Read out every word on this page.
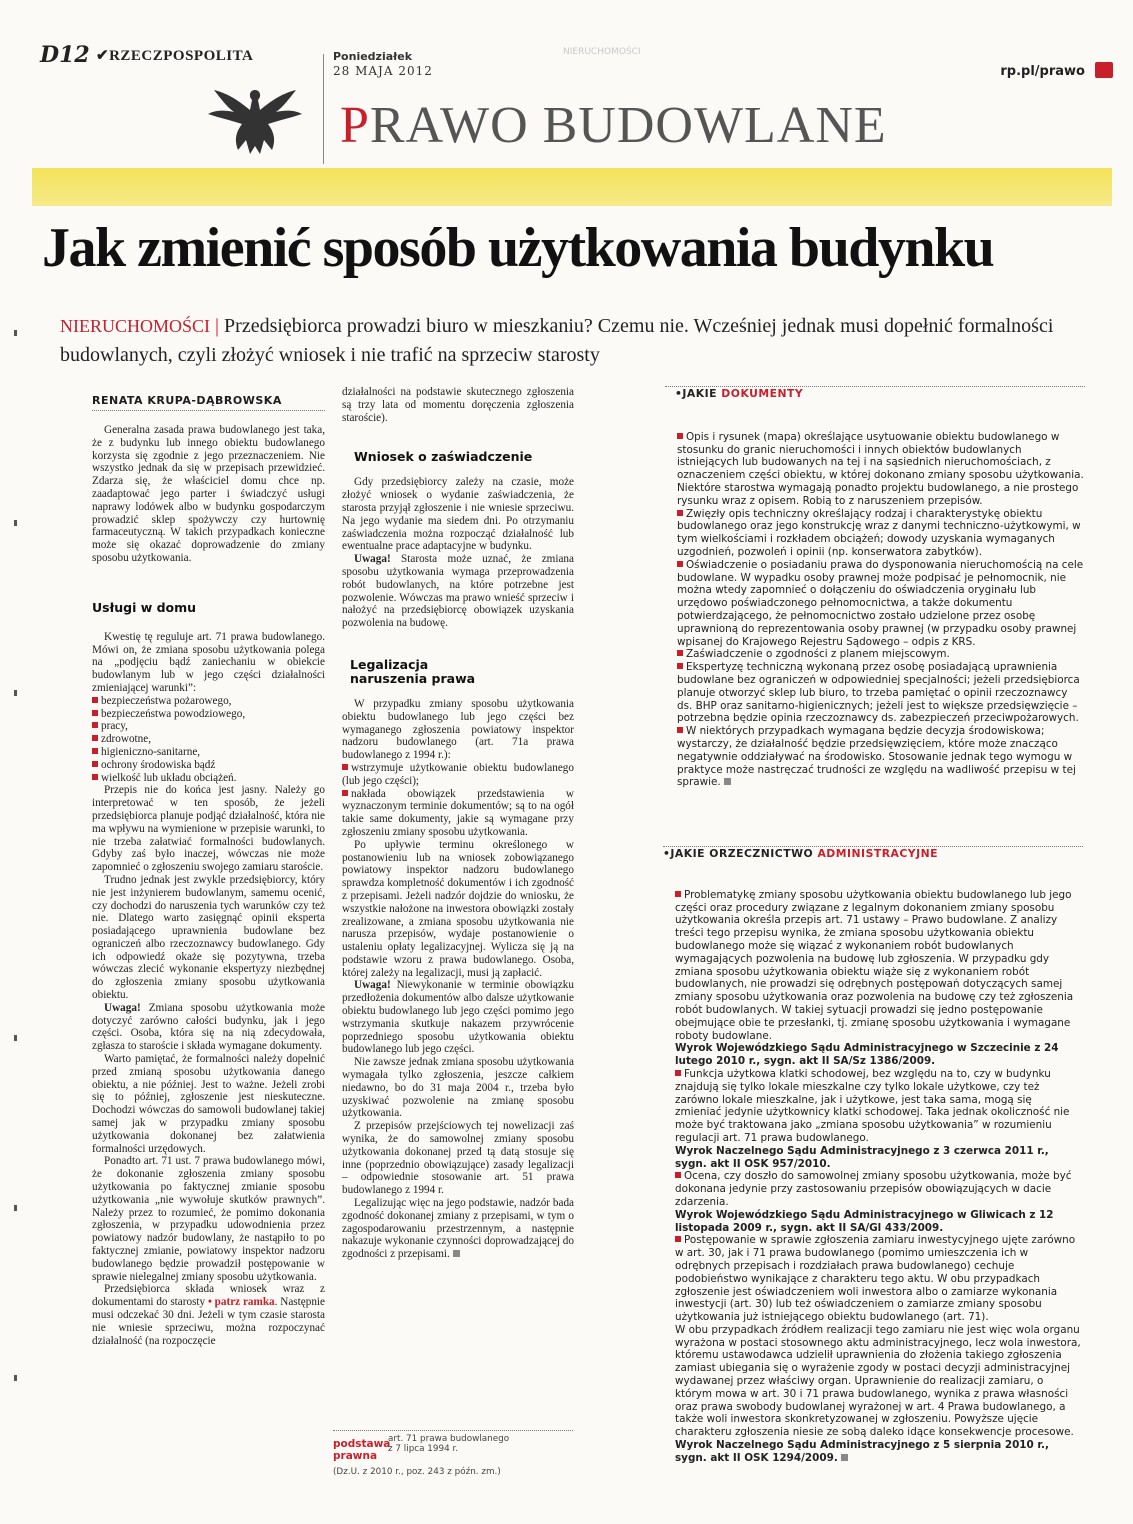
D12 ✔RZECZPOSPOLITA	Poniedziałek
28 MAJA 2012
NIERUCHOMOŚCI
rp.pl/prawo
PRAWO BUDOWLANE
Jak zmienić sposób użytkowania budynku
NIERUCHOMOŚCI | Przedsiębiorca prowadzi biuro w mieszkaniu? Czemu nie. Wcześniej jednak musi dopełnić formalności budowlanych, czyli złożyć wniosek i nie trafić na sprzeciw starosty
RENATA KRUPA-DĄBROWSKA

Generalna zasada prawa budowlanego jest taka, że z budynku lub innego obiektu budowlanego korzysta się zgodnie z jego przeznaczeniem. Nie wszystko jednak da się w przepisach przewidzieć. Zdarza się, że właściciel domu chce np. zaadaptować jego parter i świadczyć usługi naprawy lodówek albo w budynku gospodarczym prowadzić sklep spożywczy czy hurtownię farmaceutyczną. W takich przypadkach konieczne może się okazać doprowadzenie do zmiany sposobu użytkowania.

Usługi w domu

Kwestię tę reguluje art. 71 prawa budowlanego. Mówi on, że zmiana sposobu użytkowania polega na „podjęciu bądź zaniechaniu w obiekcie budowlanym lub w jego części działalności zmieniającej warunki”:

bezpieczeństwa pożarowego,
bezpieczeństwa powodziowego,
pracy,
zdrowotne,
higieniczno-sanitarne,
ochrony środowiska bądź
wielkość lub układu obciążeń.

Przepis nie do końca jest jasny. Należy go interpretować w ten sposób, że jeżeli przedsiębiorca planuje podjąć działalność, która nie ma wpływu na wymienione w przepisie warunki, to nie trzeba załatwiać formalności budowlanych. Gdyby zaś było inaczej, wówczas nie może zapomnieć o zgłoszeniu swojego zamiaru staroście.

Trudno jednak jest zwykle przedsiębiorcy, który nie jest inżynierem budowlanym, samemu ocenić, czy dochodzi do naruszenia tych warunków czy też nie. Dlatego warto zasięgnąć opinii eksperta posiadającego uprawnienia budowlane bez ograniczeń albo rzeczoznawcy budowlanego. Gdy ich odpowiedź okaże się pozytywna, trzeba wówczas zlecić wykonanie ekspertyzy niezbędnej do zgłoszenia zmiany sposobu użytkowania obiektu.

Uwaga! Zmiana sposobu użytkowania może dotyczyć zarówno całości budynku, jak i jego części. Osoba, która się na nią zdecydowała, zgłasza to staroście i składa wymagane dokumenty.

Warto pamiętać, że formalności należy dopełnić przed zmianą sposobu użytkowania danego obiektu, a nie później. Jest to ważne. Jeżeli zrobi się to później, zgłoszenie jest nieskuteczne. Dochodzi wówczas do samowoli budowlanej takiej samej jak w przypadku zmiany sposobu użytkowania dokonanej bez załatwienia formalności urzędowych.

Ponadto art. 71 ust. 7 prawa budowlanego mówi, że dokonanie zgłoszenia zmiany sposobu użytkowania po faktycznej zmianie sposobu użytkowania „nie wywołuje skutków prawnych”. Należy przez to rozumieć, że pomimo dokonania zgłoszenia, w przypadku udowodnienia przez powiatowy nadzór budowlany, że nastąpiło to po faktycznej zmianie, powiatowy inspektor nadzoru budowlanego będzie prowadził postępowanie w sprawie nielegalnej zmiany sposobu użytkowania.

Przedsiębiorca składa wniosek wraz z dokumentami do starosty • patrz ramka. Następnie musi odczekać 30 dni. Jeżeli w tym czasie starosta nie wniesie sprzeciwu, można rozpoczynać działalność (na rozpoczęcie

działalności na podstawie skutecznego zgłoszenia są trzy lata od momentu doręczenia zgłoszenia staroście).

Wniosek o zaświadczenie

Gdy przedsiębiorcy zależy na czasie, może złożyć wniosek o wydanie zaświadczenia, że starosta przyjął zgłoszenie i nie wniesie sprzeciwu. Na jego wydanie ma siedem dni. Po otrzymaniu zaświadczenia można rozpocząć działalność lub ewentualne prace adaptacyjne w budynku.

Uwaga! Starosta może uznać, że zmiana sposobu użytkowania wymaga przeprowadzenia robót budowlanych, na które potrzebne jest pozwolenie. Wówczas ma prawo wnieść sprzeciw i nałożyć na przedsiębiorcę obowiązek uzyskania pozwolenia na budowę.

Legalizacja
naruszenia prawa

W przypadku zmiany sposobu użytkowania obiektu budowlanego lub jego części bez wymaganego zgłoszenia powiatowy inspektor nadzoru budowlanego (art. 71a prawa budowlanego z 1994 r.):

wstrzymuje użytkowanie obiektu budowlanego (lub jego części);
nakłada obowiązek przedstawienia w wyznaczonym terminie dokumentów; są to na ogół takie same dokumenty, jakie są wymagane przy zgłoszeniu zmiany sposobu użytkowania.

Po upływie terminu określonego w postanowieniu lub na wniosek zobowiązanego powiatowy inspektor nadzoru budowlanego sprawdza kompletność dokumentów i ich zgodność z przepisami. Jeżeli nadzór dojdzie do wniosku, że wszystkie nałożone na inwestora obowiązki zostały zrealizowane, a zmiana sposobu użytkowania nie narusza przepisów, wydaje postanowienie o ustaleniu opłaty legalizacyjnej. Wylicza się ją na podstawie wzoru z prawa budowlanego. Osoba, której zależy na legalizacji, musi ją zapłacić.

Uwaga! Niewykonanie w terminie obowiązku przedłożenia dokumentów albo dalsze użytkowanie obiektu budowlanego lub jego części pomimo jego wstrzymania skutkuje nakazem przywrócenie poprzedniego sposobu użytkowania obiektu budowlanego lub jego części.

Nie zawsze jednak zmiana sposobu użytkowania wymagała tylko zgłoszenia, jeszcze całkiem niedawno, bo do 31 maja 2004 r., trzeba było uzyskiwać pozwolenie na zmianę sposobu użytkowania.

Z przepisów przejściowych tej nowelizacji zaś wynika, że do samowolnej zmiany sposobu użytkowania dokonanej przed tą datą stosuje się inne (poprzednio obowiązujące) zasady legalizacji – odpowiednie stosowanie art. 51 prawa budowlanego z 1994 r.

Legalizując więc na jego podstawie, nadzór bada zgodność dokonanej zmiany z przepisami, w tym o zagospodarowaniu przestrzennym, a następnie nakazuje wykonanie czynności doprowadzającej do zgodności z przepisami.

•JAKIE DOKUMENTY
Opis i rysunek (mapa) określające usytuowanie obiektu budowlanego w stosunku do granic nieruchomości i innych obiektów budowlanych istniejących lub budowanych na tej i na sąsiednich nieruchomościach, z oznaczeniem części obiektu, w której dokonano zmiany sposobu użytkowania. Niektóre starostwa wymagają ponadto projektu budowlanego, a nie prostego rysunku wraz z opisem. Robią to z naruszeniem przepisów.
Zwięzły opis techniczny określający rodzaj i charakterystykę obiektu budowlanego oraz jego konstrukcję wraz z danymi techniczno-użytkowymi, w tym wielkościami i rozkładem obciążeń; dowody uzyskania wymaganych uzgodnień, pozwoleń i opinii (np. konserwatora zabytków).
Oświadczenie o posiadaniu prawa do dysponowania nieruchomością na cele budowlane. W wypadku osoby prawnej może podpisać je pełnomocnik, nie można wtedy zapomnieć o dołączeniu do oświadczenia oryginału lub urzędowo poświadczonego pełnomocnictwa, a także dokumentu potwierdzającego, że pełnomocnictwo zostało udzielone przez osobę uprawnioną do reprezentowania osoby prawnej (w przypadku osoby prawnej wpisanej do Krajowego Rejestru Sądowego – odpis z KRS.
Zaświadczenie o zgodności z planem miejscowym.
Ekspertyzę techniczną wykonaną przez osobę posiadającą uprawnienia budowlane bez ograniczeń w odpowiedniej specjalności; jeżeli przedsiębiorca planuje otworzyć sklep lub biuro, to trzeba pamiętać o opinii rzeczoznawcy ds. BHP oraz sanitarno-higienicznych; jeżeli jest to większe przedsięwzięcie – potrzebna będzie opinia rzeczoznawcy ds. zabezpieczeń przeciwpożarowych.
W niektórych przypadkach wymagana będzie decyzja środowiskowa; wystarczy, że działalność będzie przedsięwzięciem, które może znacząco negatywnie oddziaływać na środowisko. Stosowanie jednak tego wymogu w praktyce może nastręczać trudności ze względu na wadliwość przepisu w tej sprawie.
•JAKIE ORZECZNICTWO ADMINISTRACYJNE
Problematykę zmiany sposobu użytkowania obiektu budowlanego lub jego części oraz procedury związane z legalnym dokonaniem zmiany sposobu użytkowania określa przepis art. 71 ustawy – Prawo budowlane. Z analizy treści tego przepisu wynika, że zmiana sposobu użytkowania obiektu budowlanego może się wiązać z wykonaniem robót budowlanych wymagających pozwolenia na budowę lub zgłoszenia. W przypadku gdy zmiana sposobu użytkowania obiektu wiąże się z wykonaniem robót budowlanych, nie prowadzi się odrębnych postępowań dotyczących samej zmiany sposobu użytkowania oraz pozwolenia na budowę czy też zgłoszenia robót budowlanych. W takiej sytuacji prowadzi się jedno postępowanie obejmujące obie te przesłanki, tj. zmianę sposobu użytkowania i wymagane roboty budowlane.

Wyrok Wojewódzkiego Sądu Administracyjnego w Szczecinie z 24 lutego 2010 r., sygn. akt II SA/Sz 1386/2009.

Funkcja użytkowa klatki schodowej, bez względu na to, czy w budynku znajdują się tylko lokale mieszkalne czy tylko lokale użytkowe, czy też zarówno lokale mieszkalne, jak i użytkowe, jest taka sama, mogą się zmieniać jedynie użytkownicy klatki schodowej. Taka jednak okoliczność nie może być traktowana jako „zmiana sposobu użytkowania” w rozumieniu regulacji art. 71 prawa budowlanego.

Wyrok Naczelnego Sądu Administracyjnego z 3 czerwca 2011 r., sygn. akt II OSK 957/2010.

Ocena, czy doszło do samowolnej zmiany sposobu użytkowania, może być dokonana jedynie przy zastosowaniu przepisów obowiązujących w dacie zdarzenia.

Wyrok Wojewódzkiego Sądu Administracyjnego w Gliwicach z 12 listopada 2009 r., sygn. akt II SA/Gl 433/2009.

Postępowanie w sprawie zgłoszenia zamiaru inwestycyjnego ujęte zarówno w art. 30, jak i 71 prawa budowlanego (pomimo umieszczenia ich w odrębnych przepisach i rozdziałach prawa budowlanego) cechuje podobieństwo wynikające z charakteru tego aktu. W obu przypadkach zgłoszenie jest oświadczeniem woli inwestora albo o zamiarze wykonania inwestycji (art. 30) lub też oświadczeniem o zamiarze zmiany sposobu użytkowania już istniejącego obiektu budowlanego (art. 71).

W obu przypadkach źródłem realizacji tego zamiaru nie jest więc wola organu wyrażona w postaci stosownego aktu administracyjnego, lecz wola inwestora, któremu ustawodawca udzielił uprawnienia do złożenia takiego zgłoszenia zamiast ubiegania się o wyrażenie zgody w postaci decyzji administracyjnej wydawanej przez właściwy organ. Uprawnienie do realizacji zamiaru, o którym mowa w art. 30 i 71 prawa budowlanego, wynika z prawa własności oraz prawa swobody budowlanej wyrażonej w art. 4 Prawa budowlanego, a także woli inwestora skonkretyzowanej w zgłoszeniu. Powyższe ujęcie charakteru zgłoszenia niesie ze sobą daleko idące konsekwencje procesowe.

Wyrok Naczelnego Sądu Administracyjnego z 5 sierpnia 2010 r., sygn. akt II OSK 1294/2009.

podstawa
prawna
art. 71 prawa budowlanego
z 7 lipca 1994 r.
(Dz.U. z 2010 r., poz. 243 z późn. zm.)
